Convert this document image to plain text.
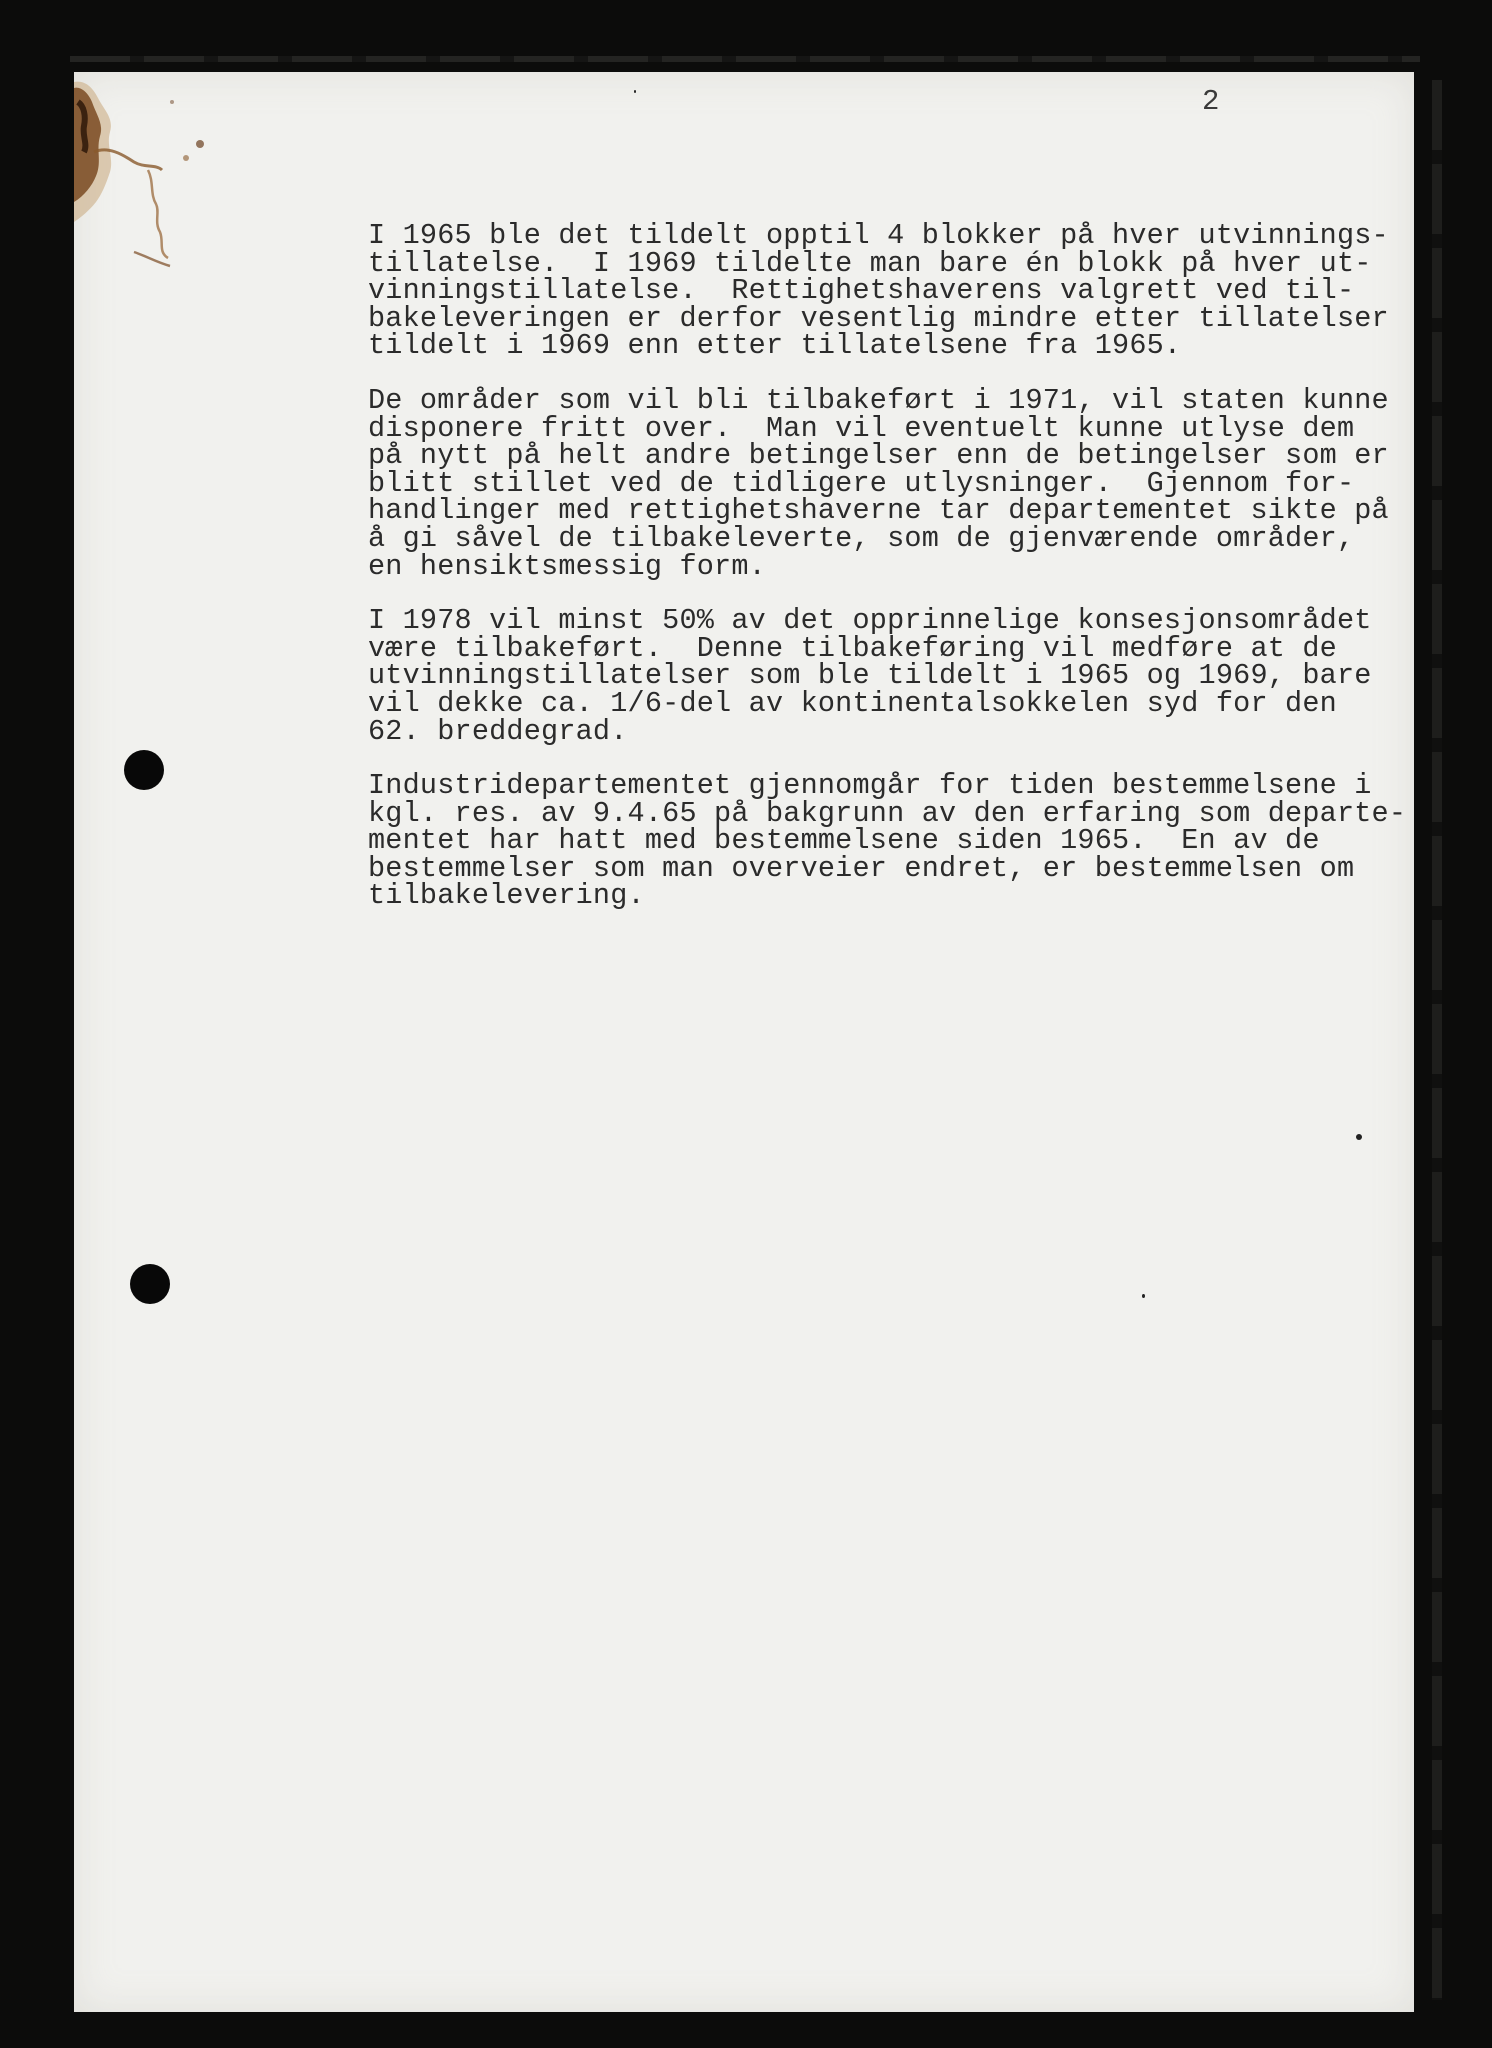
2

I 1965 ble det tildelt opptil 4 blokker på hver utvinnings-
tillatelse.  I 1969 tildelte man bare én blokk på hver ut-
vinningstillatelse.  Rettighetshaverens valgrett ved til-
bakeleveringen er derfor vesentlig mindre etter tillatelser
tildelt i 1969 enn etter tillatelsene fra 1965.

De områder som vil bli tilbakeført i 1971, vil staten kunne
disponere fritt over.  Man vil eventuelt kunne utlyse dem
på nytt på helt andre betingelser enn de betingelser som er
blitt stillet ved de tidligere utlysninger.  Gjennom for-
handlinger med rettighetshaverne tar departementet sikte på
å gi såvel de tilbakeleverte, som de gjenværende områder,
en hensiktsmessig form.

I 1978 vil minst 50% av det opprinnelige konsesjonsområdet
være tilbakeført.  Denne tilbakeføring vil medføre at de
utvinningstillatelser som ble tildelt i 1965 og 1969, bare
vil dekke ca. 1/6-del av kontinentalsokkelen syd for den
62. breddegrad.

Industridepartementet gjennomgår for tiden bestemmelsene i
kgl. res. av 9.4.65 på bakgrunn av den erfaring som departe-
mentet har hatt med bestemmelsene siden 1965.  En av de
bestemmelser som man overveier endret, er bestemmelsen om
tilbakelevering.
